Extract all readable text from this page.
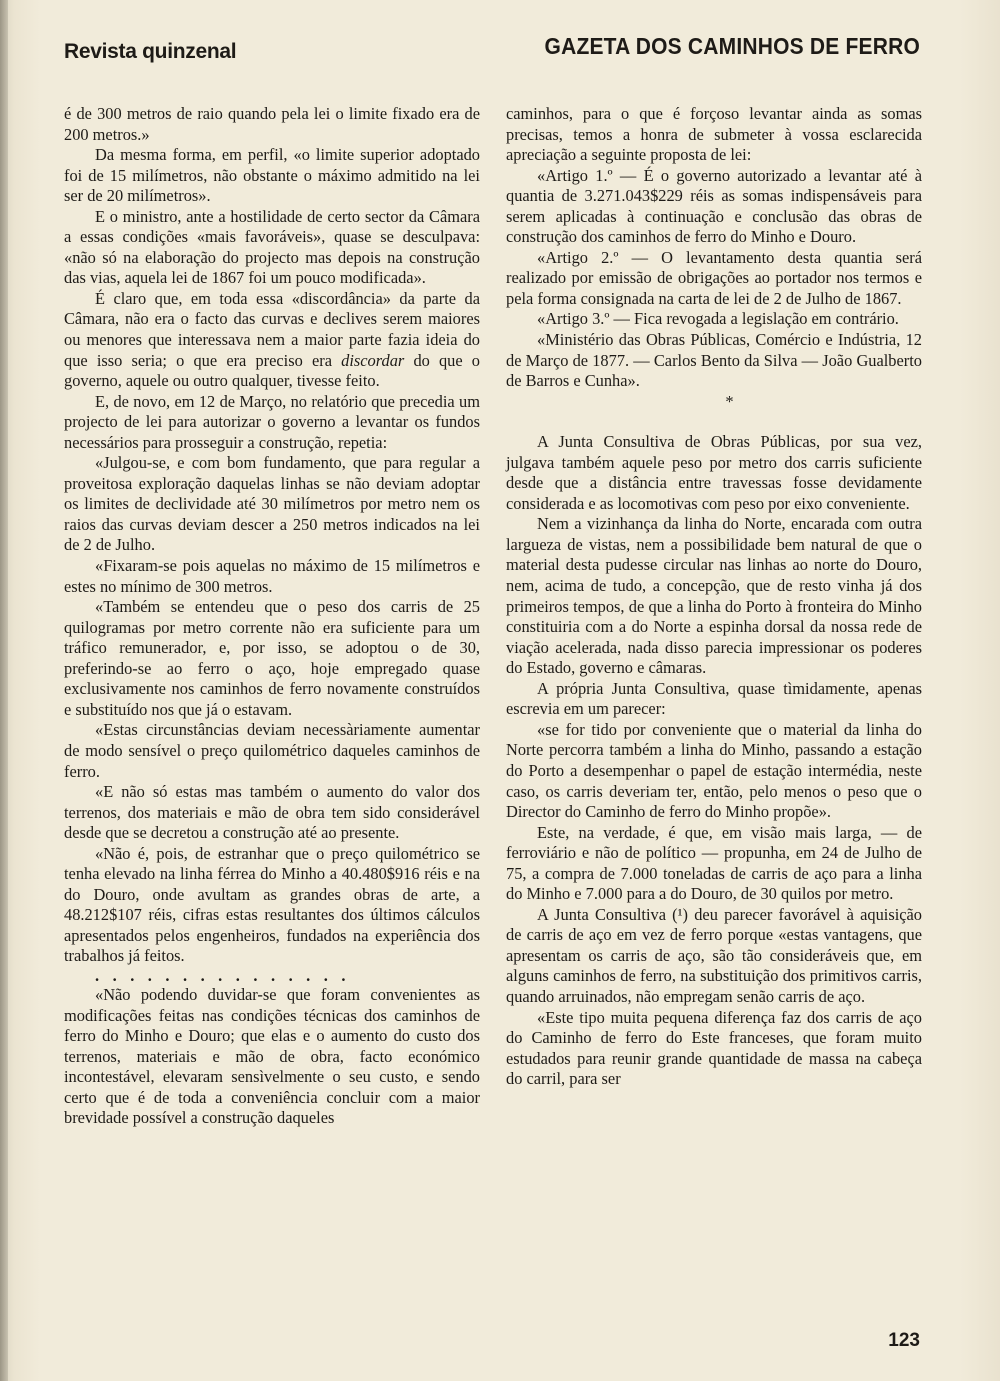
Revista quinzenal	GAZETA DOS CAMINHOS DE FERRO

é de 300 metros de raio quando pela lei o limite fixado era de 200 metros.»

Da mesma forma, em perfil, «o limite superior adoptado foi de 15 milímetros, não obstante o máximo admitido na lei ser de 20 milímetros».

E o ministro, ante a hostilidade de certo sector da Câmara a essas condições «mais favoráveis», quase se desculpava: «não só na elaboração do projecto mas depois na construção das vias, aquela lei de 1867 foi um pouco modificada».

É claro que, em toda essa «discordância» da parte da Câmara, não era o facto das curvas e declives serem maiores ou menores que interessava nem a maior parte fazia ideia do que isso seria; o que era preciso era discordar do que o governo, aquele ou outro qualquer, tivesse feito.

E, de novo, em 12 de Março, no relatório que precedia um projecto de lei para autorizar o governo a levantar os fundos necessários para prosseguir a construção, repetia:

«Julgou-se, e com bom fundamento, que para regular a proveitosa exploração daquelas linhas se não deviam adoptar os limites de declividade até 30 milímetros por metro nem os raios das curvas deviam descer a 250 metros indicados na lei de 2 de Julho.

«Fixaram-se pois aquelas no máximo de 15 milímetros e estes no mínimo de 300 metros.

«Também se entendeu que o peso dos carris de 25 quilogramas por metro corrente não era suficiente para um tráfico remunerador, e, por isso, se adoptou o de 30, preferindo-se ao ferro o aço, hoje empregado quase exclusivamente nos caminhos de ferro novamente construídos e substituído nos que já o estavam.

«Estas circunstâncias deviam necessàriamente aumentar de modo sensível o preço quilométrico daqueles caminhos de ferro.

«E não só estas mas também o aumento do valor dos terrenos, dos materiais e mão de obra tem sido considerável desde que se decretou a construção até ao presente.

«Não é, pois, de estranhar que o preço quilométrico se tenha elevado na linha férrea do Minho a 40.480$916 réis e na do Douro, onde avultam as grandes obras de arte, a 48.212$107 réis, cifras estas resultantes dos últimos cálculos apresentados pelos engenheiros, fundados na experiência dos trabalhos já feitos.

...............

«Não podendo duvidar-se que foram convenientes as modificações feitas nas condições técnicas dos caminhos de ferro do Minho e Douro; que elas e o aumento do custo dos terrenos, materiais e mão de obra, facto económico incontestável, elevaram sensìvelmente o seu custo, e sendo certo que é de toda a conveniência concluir com a maior brevidade possível a construção daqueles

caminhos, para o que é forçoso levantar ainda as somas precisas, temos a honra de submeter à vossa esclarecida apreciação a seguinte proposta de lei:

«Artigo 1.º — É o governo autorizado a levantar até à quantia de 3.271.043$229 réis as somas indispensáveis para serem aplicadas à continuação e conclusão das obras de construção dos caminhos de ferro do Minho e Douro.

«Artigo 2.º — O levantamento desta quantia será realizado por emissão de obrigações ao portador nos termos e pela forma consignada na carta de lei de 2 de Julho de 1867.

«Artigo 3.º — Fica revogada a legislação em contrário.

«Ministério das Obras Públicas, Comércio e Indústria, 12 de Março de 1877. — Carlos Bento da Silva — João Gualberto de Barros e Cunha».

*

A Junta Consultiva de Obras Públicas, por sua vez, julgava também aquele peso por metro dos carris suficiente desde que a distância entre travessas fosse devidamente considerada e as locomotivas com peso por eixo conveniente.

Nem a vizinhança da linha do Norte, encarada com outra largueza de vistas, nem a possibilidade bem natural de que o material desta pudesse circular nas linhas ao norte do Douro, nem, acima de tudo, a concepção, que de resto vinha já dos primeiros tempos, de que a linha do Porto à fronteira do Minho constituiria com a do Norte a espinha dorsal da nossa rede de viação acelerada, nada disso parecia impressionar os poderes do Estado, governo e câmaras.

A própria Junta Consultiva, quase tìmidamente, apenas escrevia em um parecer:

«se for tido por conveniente que o material da linha do Norte percorra também a linha do Minho, passando a estação do Porto a desempenhar o papel de estação intermédia, neste caso, os carris deveriam ter, então, pelo menos o peso que o Director do Caminho de ferro do Minho propõe».

Este, na verdade, é que, em visão mais larga, — de ferroviário e não de político — propunha, em 24 de Julho de 75, a compra de 7.000 toneladas de carris de aço para a linha do Minho e 7.000 para a do Douro, de 30 quilos por metro.

A Junta Consultiva (¹) deu parecer favorável à aquisição de carris de aço em vez de ferro porque «estas vantagens, que apresentam os carris de aço, são tão consideráveis que, em alguns caminhos de ferro, na substituição dos primitivos carris, quando arruinados, não empregam senão carris de aço.

«Este tipo muita pequena diferença faz dos carris de aço do Caminho de ferro do Este franceses, que foram muito estudados para reunir grande quantidade de massa na cabeça do carril, para ser

123
